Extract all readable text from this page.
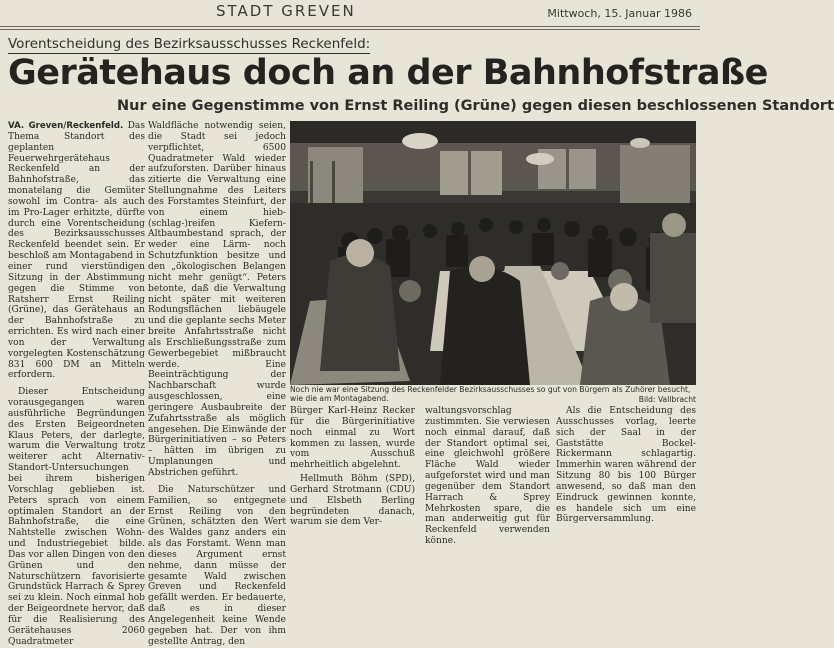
STADT GREVEN	Mittwoch, 15. Januar 1986
Vorentscheidung des Bezirksausschusses Reckenfeld:
Gerätehaus doch an der Bahnhofstraße
Nur eine Gegenstimme von Ernst Reiling (Grüne) gegen diesen beschlossenen Standort

VA. Greven/Reckenfeld. Das Thema Standort des geplanten Feuerwehrgerätehaus Reckenfeld an der Bahnhofstraße, das monatelang die Gemüter sowohl im Contra- als auch im Pro-Lager erhitzte, dürfte durch eine Vorentscheidung des Bezirksausschusses Reckenfeld beendet sein. Er beschloß am Montagabend in einer rund vierstündigen Sitzung in der Abstimmung gegen die Stimme von Ratsherr Ernst Reiling (Grüne), das Gerätehaus an der Bahnhofstraße zu errichten. Es wird nach einer von der Verwaltung vorgelegten Kostenschätzung 831 600 DM an Mitteln erfordern.

Dieser Entscheidung vorausgegangen waren ausführliche Begründungen des Ersten Beigeordneten Klaus Peters, der darlegte, warum die Verwaltung trotz weiterer acht Alternativ-Standort-Untersuchungen bei ihrem bisherigen Vorschlag geblieben ist. Peters sprach von einem optimalen Standort an der Bahnhofstraße, die eine Nahtstelle zwischen Wohn- und Industriegebiet bilde. Das vor allen Dingen von den Grünen und den Naturschützern favorisierte Grundstück Harrach & Sprey sei zu klein. Noch einmal hob der Beigeordnete hervor, daß für die Realisierung des Gerätehauses 2060 Quadratmeter

Waldfläche notwendig seien, die Stadt sei jedoch verpflichtet, 6500 Quadratmeter Wald wieder aufzuforsten. Darüber hinaus zitierte die Verwaltung eine Stellungnahme des Leiters des Forstamtes Steinfurt, der von einem hieb-(schlag-)reifen Kiefern-Altbaumbestand sprach, der weder eine Lärm- noch Schutzfunktion besitze und den „ökologischen Belangen nicht mehr genügt“. Peters betonte, daß die Verwaltung nicht später mit weiteren Rodungsflächen liebäugele und die geplante sechs Meter breite Anfahrtsstraße nicht als Erschließungsstraße zum Gewerbegebiet mißbraucht werde. Eine Beeinträchtigung der Nachbarschaft wurde ausgeschlossen, eine geringere Ausbaubreite der Zufahrtsstraße als möglich angesehen. Die Einwände der Bürgerinitiativen – so Peters – hätten im übrigen zu Umplanungen und Abstrichen geführt.

Die Naturschützer und Familien, so entgegnete Ernst Reiling von den Grünen, schätzten den Wert des Waldes ganz anders ein als das Forstamt. Wenn man dieses Argument ernst nehme, dann müsse der gesamte Wald zwischen Greven und Reckenfeld gefällt werden. Er bedauerte, daß es in dieser Angelegenheit keine Wende gegeben hat. Der von ihm gestellte Antrag, den

Noch nie war eine Sitzung des Reckenfelder Bezirksausschusses so gut von Bürgern als Zuhörer besucht, wie die am Montagabend.	Bild: Vallbracht

Bürger Karl-Heinz Recker für die Bürgerinitiative noch einmal zu Wort kommen zu lassen, wurde vom Ausschuß mehrheitlich abgelehnt.

Hellmuth Böhm (SPD), Gerhard Strotmann (CDU) und Elsbeth Berling begründeten danach, warum sie dem Ver-

waltungsvorschlag zustimmten. Sie verwiesen noch einmal darauf, daß der Standort optimal sei, eine gleichwohl größere Fläche Wald wieder aufgeforstet wird und man gegenüber dem Standort Harrach & Sprey Mehrkosten spare, die man anderweitig gut für Reckenfeld verwenden könne.

Als die Entscheidung des Ausschusses vorlag, leerte sich der Saal in der Gaststätte Bockel-Rickermann schlagartig. Immerhin waren während der Sitzung 80 bis 100 Bürger anwesend, so daß man den Eindruck gewinnen konnte, es handele sich um eine Bürgerversammlung.
